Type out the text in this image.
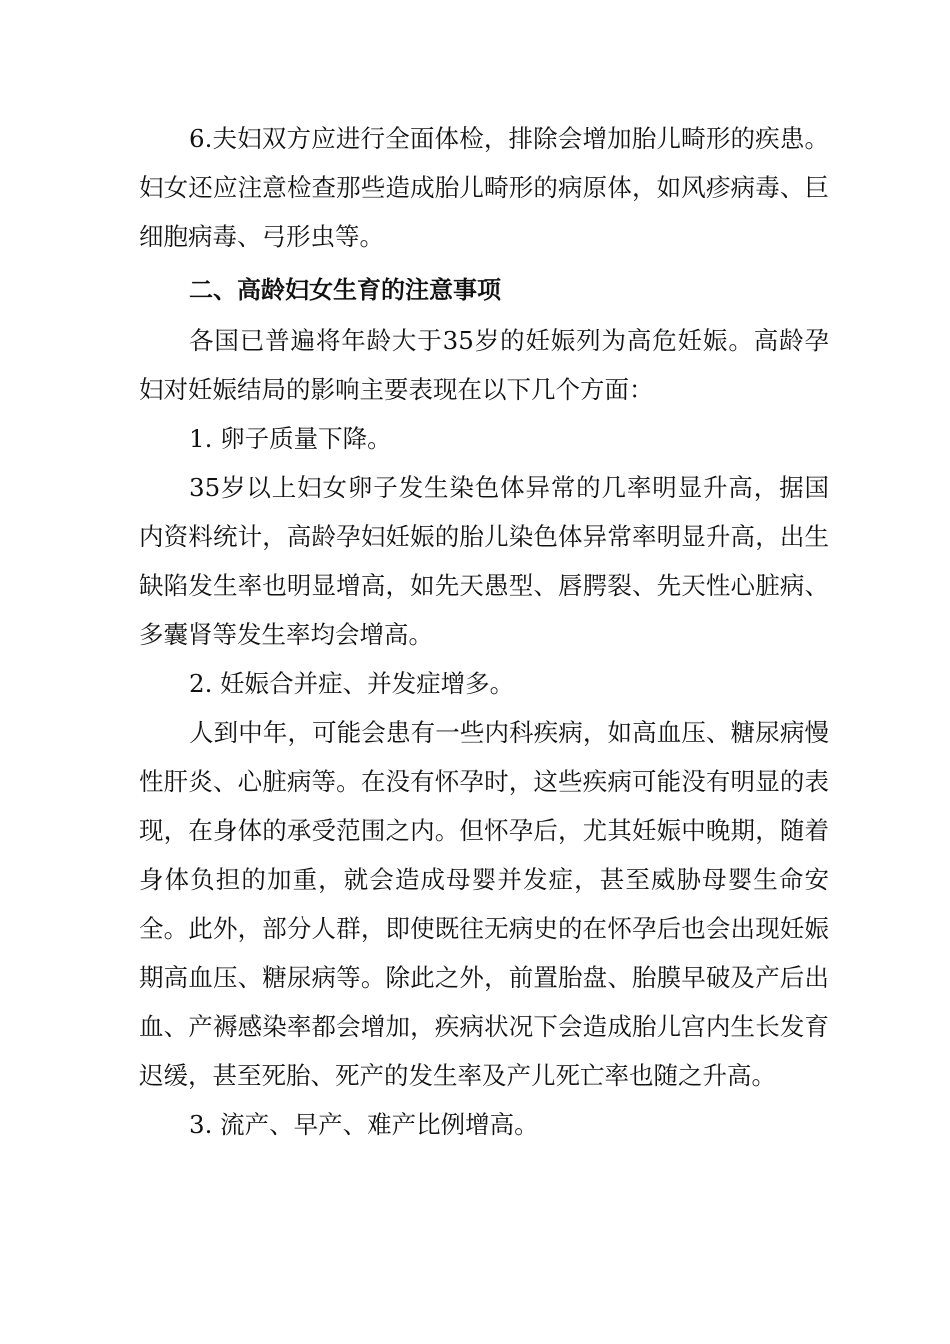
6.夫妇双方应进行全面体检，排除会增加胎儿畸形的疾患。妇女还应注意检查那些造成胎儿畸形的病原体，如风疹病毒、巨细胞病毒、弓形虫等。

二、高龄妇女生育的注意事项

各国已普遍将年龄大于35岁的妊娠列为高危妊娠。高龄孕妇对妊娠结局的影响主要表现在以下几个方面：

1. 卵子质量下降。

35岁以上妇女卵子发生染色体异常的几率明显升高，据国内资料统计，高龄孕妇妊娠的胎儿染色体异常率明显升高，出生缺陷发生率也明显增高，如先天愚型、唇腭裂、先天性心脏病、多囊肾等发生率均会增高。

2. 妊娠合并症、并发症增多。

人到中年，可能会患有一些内科疾病，如高血压、糖尿病慢性肝炎、心脏病等。在没有怀孕时，这些疾病可能没有明显的表现，在身体的承受范围之内。但怀孕后，尤其妊娠中晚期，随着身体负担的加重，就会造成母婴并发症，甚至威胁母婴生命安全。此外，部分人群，即使既往无病史的在怀孕后也会出现妊娠期高血压、糖尿病等。除此之外，前置胎盘、胎膜早破及产后出血、产褥感染率都会增加，疾病状况下会造成胎儿宫内生长发育迟缓，甚至死胎、死产的发生率及产儿死亡率也随之升高。

3. 流产、早产、难产比例增高。
